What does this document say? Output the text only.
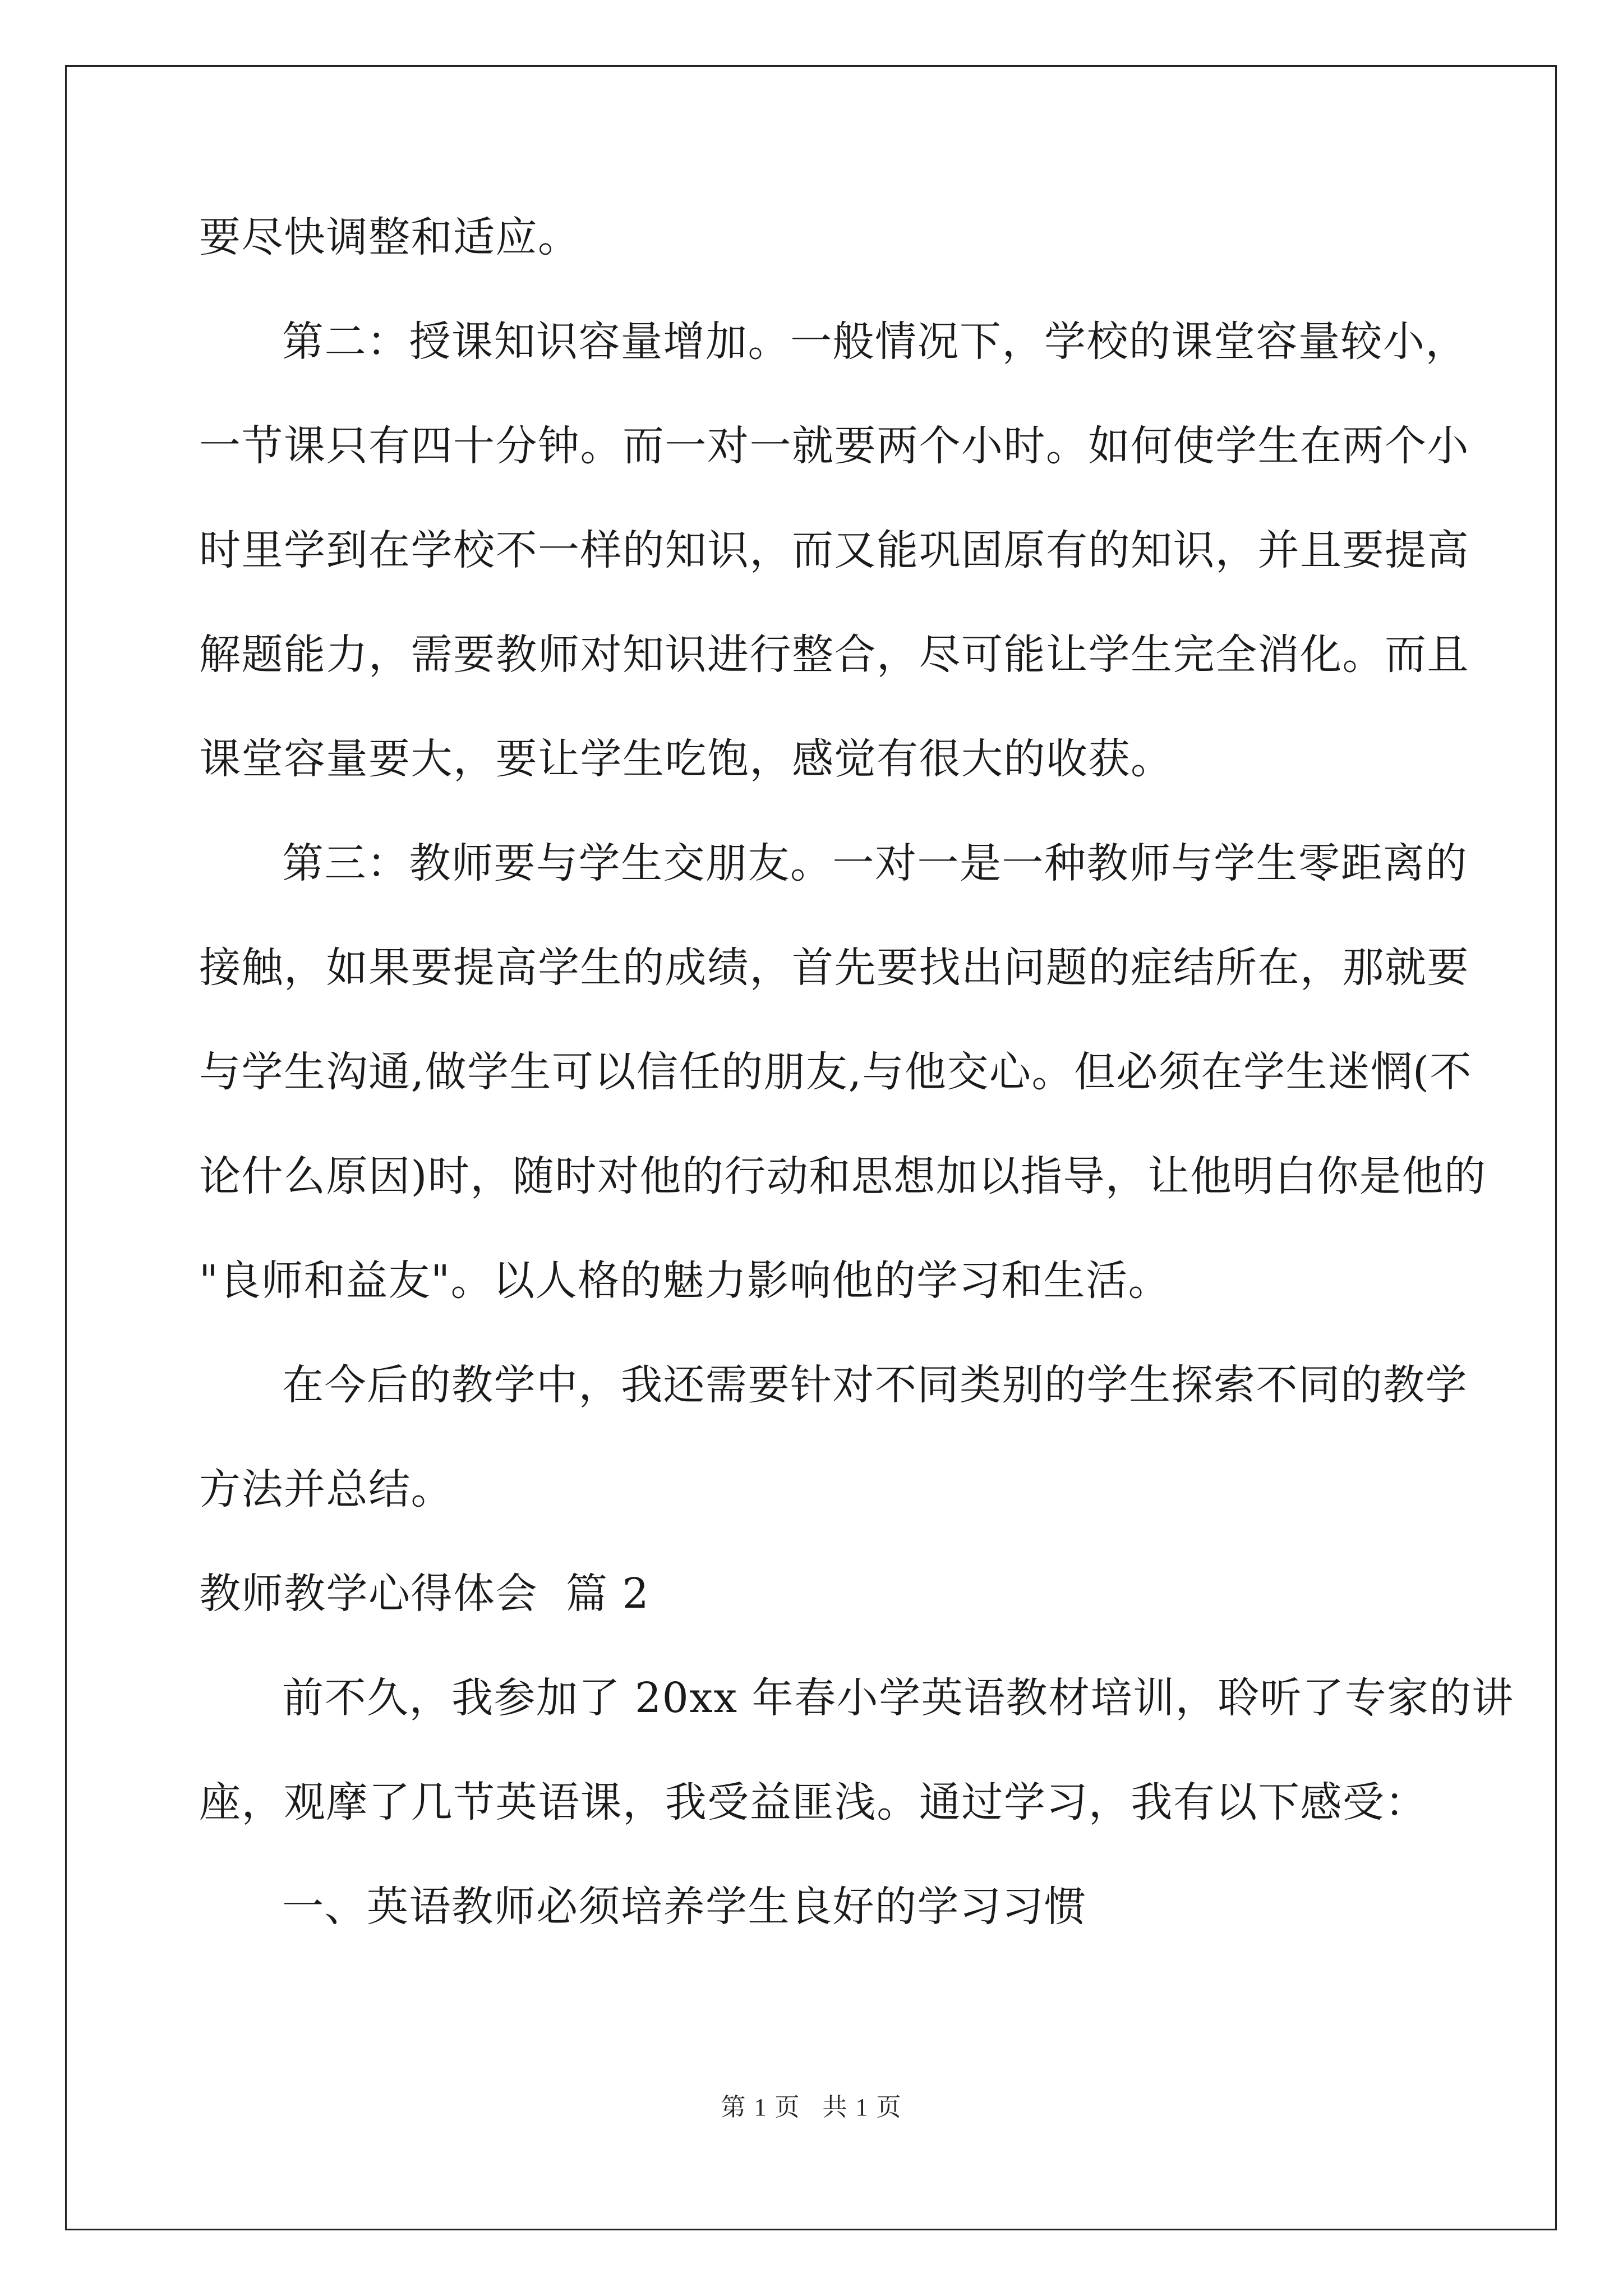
要尽快调整和适应。
第二：授课知识容量增加。一般情况下，学校的课堂容量较小，
一节课只有四十分钟。而一对一就要两个小时。如何使学生在两个小
时里学到在学校不一样的知识，而又能巩固原有的知识，并且要提高
解题能力，需要教师对知识进行整合，尽可能让学生完全消化。而且
课堂容量要大，要让学生吃饱，感觉有很大的收获。
第三：教师要与学生交朋友。一对一是一种教师与学生零距离的
接触，如果要提高学生的成绩，首先要找出问题的症结所在，那就要
与学生沟通,做学生可以信任的朋友,与他交心。但必须在学生迷惘(不
论什么原因)时，随时对他的行动和思想加以指导，让他明白你是他的
"良师和益友"。以人格的魅力影响他的学习和生活。
在今后的教学中，我还需要针对不同类别的学生探索不同的教学
方法并总结。
教师教学心得体会  篇 2
前不久，我参加了 20xx 年春小学英语教材培训，聆听了专家的讲
座，观摩了几节英语课，我受益匪浅。通过学习，我有以下感受：
一、英语教师必须培养学生良好的学习习惯
第 1 页   共 1 页
